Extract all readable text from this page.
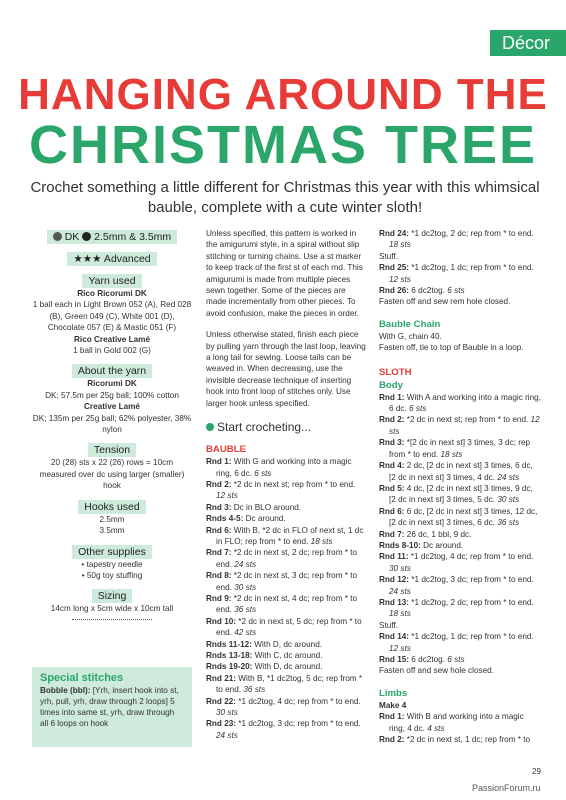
Décor
HANGING AROUND THE
CHRISTMAS TREE
Crochet something a little different for Christmas this year with this whimsical bauble, complete with a cute winter sloth!
DK 2.5mm & 3.5mm
★★★ Advanced
Yarn used
Rico Ricorumi DK
1 ball each in Light Brown 052 (A), Red 028 (B), Green 049 (C), White 001 (D), Chocolate 057 (E) & Mastic 051 (F)
Rico Creative Lamé
1 ball in Gold 002 (G)
About the yarn
Ricorumi DK
DK; 57.5m per 25g ball; 100% cotton
Creative Lamé
DK; 135m per 25g ball; 62% polyester, 38% nylon
Tension
20 (28) sts x 22 (26) rows = 10cm measured over dc using larger (smaller) hook
Hooks used
2.5mm
3.5mm
Other supplies
• tapestry needle
• 50g toy stuffing
Sizing
14cm long x 5cm wide x 10cm tall
Special stitches
Bobble (bbl): [Yrh, insert hook into st, yrh, pull, yrh, draw through 2 loops] 5 times into same st, yrh, draw through all 6 loops on hook
Unless specified, this pattern is worked in the amigurumi style, in a spiral without slip stitching or turning chains. Use a st marker to keep track of the first st of each rnd. This amigurumi is made from multiple pieces sewn together. Some of the pieces are made incrementally from other pieces. To avoid confusion, make the pieces in order.
Unless otherwise stated, finish each piece by pulling yarn through the last loop, leaving a long tail for sewing. Loose tails can be weaved in. When decreasing, use the invisible decrease technique of inserting hook into front loop of stitches only. Use larger hook unless specified.
Start crocheting...
BAUBLE
Rnd 1: With G and working into a magic ring, 6 dc. 6 sts
Rnd 2: *2 dc in next st; rep from * to end. 12 sts
Rnd 3: Dc in BLO around.
Rnds 4-5: Dc around.
Rnd 6: With B, *2 dc in FLO of next st, 1 dc in FLO; rep from * to end. 18 sts
Rnd 7: *2 dc in next st, 2 dc; rep from * to end. 24 sts
Rnd 8: *2 dc in next st, 3 dc; rep from * to end. 30 sts
Rnd 9: *2 dc in next st, 4 dc; rep from * to end. 36 sts
Rnd 10: *2 dc in next st, 5 dc; rep from * to end. 42 sts
Rnds 11-12: With D, dc around.
Rnds 13-18: With C, dc around.
Rnds 19-20: With D, dc around.
Rnd 21: With B, *1 dc2tog, 5 dc; rep from * to end. 36 sts
Rnd 22: *1 dc2tog, 4 dc; rep from * to end. 30 sts
Rnd 23: *1 dc2tog, 3 dc; rep from * to end. 24 sts
Rnd 24: *1 dc2tog, 2 dc; rep from * to end. 18 sts
Stuff.
Rnd 25: *1 dc2tog, 1 dc; rep from * to end. 12 sts
Rnd 26: 6 dc2tog. 6 sts
Fasten off and sew rem hole closed.
Bauble Chain
With G, chain 40.
Fasten off, tie to top of Bauble in a loop.
SLOTH
Body
Rnd 1: With A and working into a magic ring, 6 dc. 6 sts
Rnd 2: *2 dc in next st; rep from * to end. 12 sts
Rnd 3: *[2 dc in next st] 3 times, 3 dc; rep from * to end. 18 sts
Rnd 4: 2 dc, [2 dc in next st] 3 times, 6 dc, [2 dc in next st] 3 times, 4 dc. 24 sts
Rnd 5: 4 dc, [2 dc in next st] 3 times, 9 dc, [2 dc in next st] 3 times, 5 dc. 30 sts
Rnd 6: 6 dc, [2 dc in next st] 3 times, 12 dc, [2 dc in next st] 3 times, 6 dc. 36 sts
Rnd 7: 26 dc, 1 bbl, 9 dc.
Rnds 8-10: Dc around.
Rnd 11: *1 dc2tog, 4 dc; rep from * to end. 30 sts
Rnd 12: *1 dc2tog, 3 dc; rep from * to end. 24 sts
Rnd 13: *1 dc2tog, 2 dc; rep from * to end. 18 sts
Stuff.
Rnd 14: *1 dc2tog, 1 dc; rep from * to end. 12 sts
Rnd 15: 6 dc2tog. 6 sts
Fasten off and sew hole closed.
Limbs
Make 4
Rnd 1: With B and working into a magic ring, 4 dc. 4 sts
Rnd 2: *2 dc in next st, 1 dc; rep from * to
29
PassionForum.ru
